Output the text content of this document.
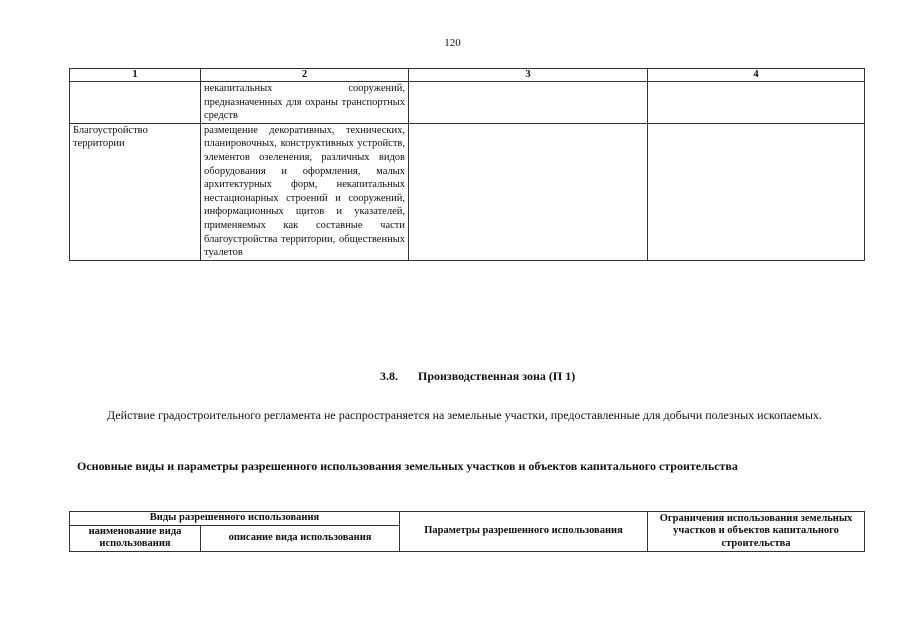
120
1	2	3	4
	некапитальных сооружений, предназначенных для охраны транспортных средств		
Благоустройство территории	размещение декоративных, технических, планировочных, конструктивных устройств, элементов озеленения, различных видов оборудования и оформления, малых архитектурных форм, некапитальных нестационарных строений и сооружений, информационных щитов и указателей, применяемых как составные части благоустройства территории, общественных туалетов		
3.8. Производственная зона (П 1)
Действие градостроительного регламента не распространяется на земельные участки, предоставленные для добычи полезных ископаемых.
Основные виды и параметры разрешенного использования земельных участков и объектов капитального строительства
Виды разрешенного использования		Параметры разрешенного использования	Ограничения использования земельных участков и объектов капитального строительства
наименование вида использования	описание вида использования		
